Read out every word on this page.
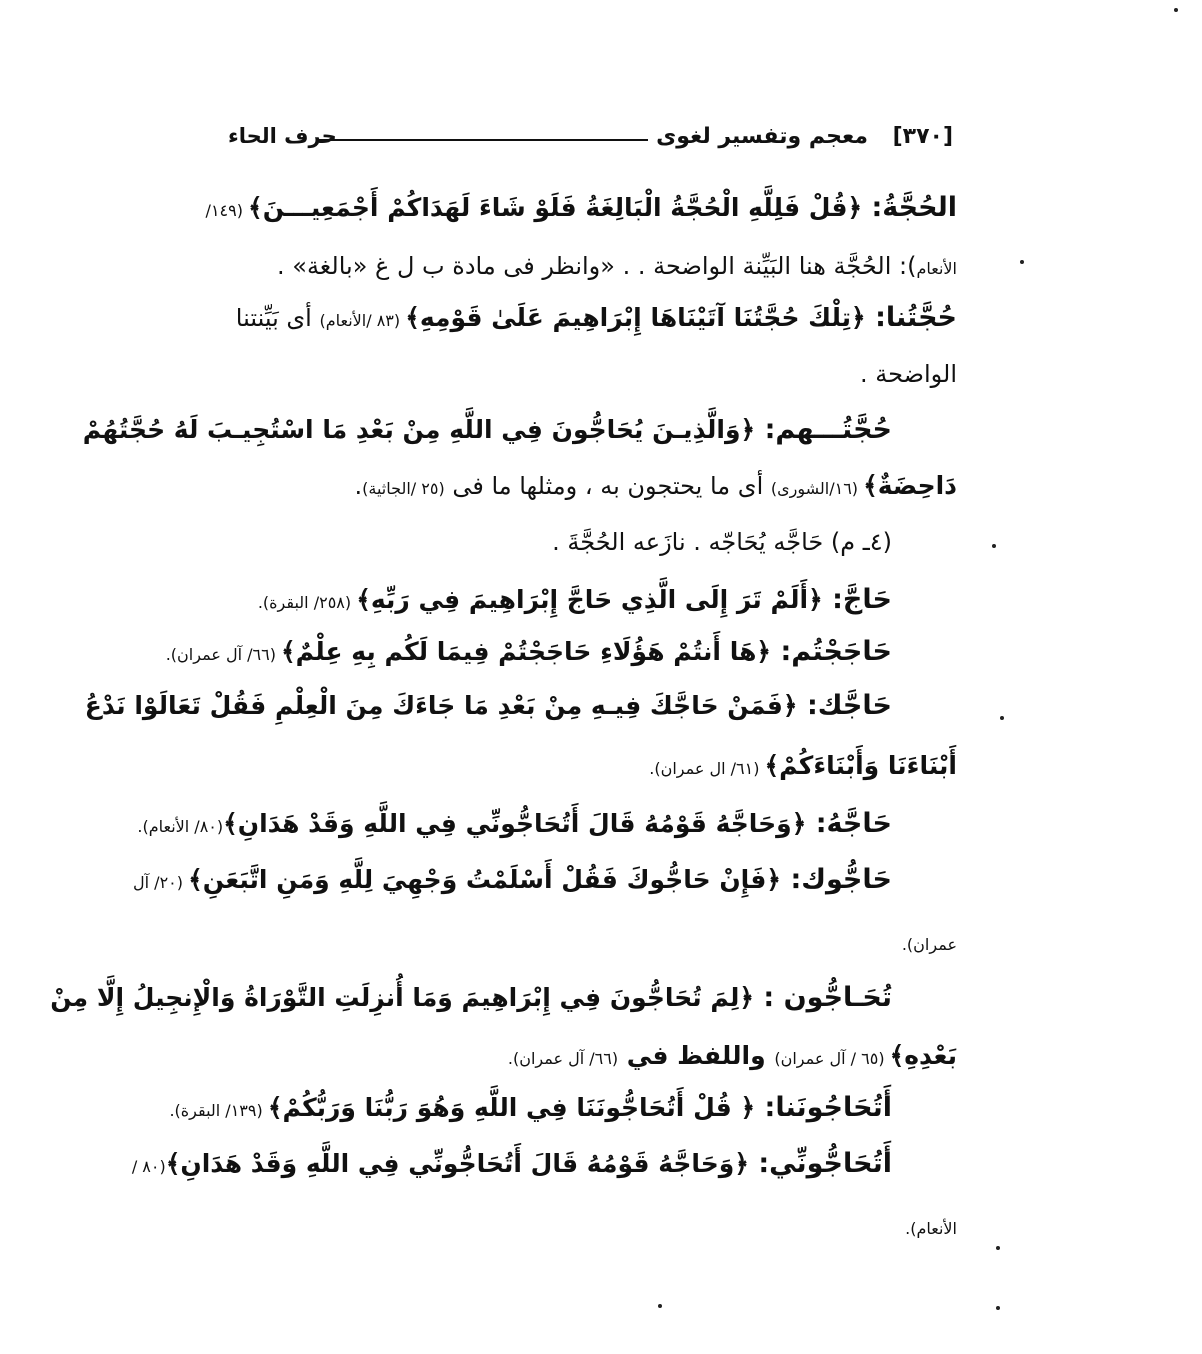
[٣٧٠]
معجم وتفسير لغوى
حرف الحاء
الحُجَّةُ: ﴿قُلْ فَلِلَّهِ الْحُجَّةُ الْبَالِغَةُ فَلَوْ شَاءَ لَهَدَاكُمْ أَجْمَعِيـــنَ﴾ (١٤٩/
الأنعام): الحُجَّة هنا البَيِّنة الواضحة . . «وانظر فى مادة ب ل غ «بالغة» .
حُجَّتُنا: ﴿تِلْكَ حُجَّتُنَا آتَيْنَاهَا إِبْرَاهِيمَ عَلَىٰ قَوْمِهِ﴾ (٨٣ /الأنعام) أى بَيِّنتنا
الواضحة .
حُجَّتُـــهم: ﴿وَالَّذِيـنَ يُحَاجُّونَ فِي اللَّهِ مِنْ بَعْدِ مَا اسْتُجِيـبَ لَهُ حُجَّتُهُمْ
دَاحِضَةٌ﴾ (١٦/الشورى) أى ما يحتجون به ، ومثلها ما فى (٢٥ /الجاثية).
(٤ـ م) حَاجَّه يُحَاجّه . نازَعه الحُجَّةَ .
حَاجَّ: ﴿أَلَمْ تَرَ إِلَى الَّذِي حَاجَّ إِبْرَاهِيمَ فِي رَبِّهِ﴾ (٢٥٨/ البقرة).
حَاجَجْتُم: ﴿هَا أَنتُمْ هَؤُلَاءِ حَاجَجْتُمْ فِيمَا لَكُم بِهِ عِلْمٌ﴾ (٦٦/ آل عمران).
حَاجَّك: ﴿فَمَنْ حَاجَّكَ فِيـهِ مِنْ بَعْدِ مَا جَاءَكَ مِنَ الْعِلْمِ فَقُلْ تَعَالَوْا نَدْعُ
أَبْنَاءَنَا وَأَبْنَاءَكُمْ﴾ (٦١/ ال عمران).
حَاجَّهُ: ﴿وَحَاجَّهُ قَوْمُهُ قَالَ أَتُحَاجُّونِّي فِي اللَّهِ وَقَدْ هَدَانِ﴾(٨٠/ الأنعام).
حَاجُّوك: ﴿فَإِنْ حَاجُّوكَ فَقُلْ أَسْلَمْتُ وَجْهِيَ لِلَّهِ وَمَنِ اتَّبَعَنِ﴾ (٢٠/ آل
عمران).
تُحَـاجُّون : ﴿لِمَ تُحَاجُّونَ فِي إِبْرَاهِيمَ وَمَا أُنزِلَتِ التَّوْرَاةُ وَالْإِنجِيلُ إِلَّا مِنْ
بَعْدِهِ﴾ (٦٥ / آل عمران) واللفظ في (٦٦/ آل عمران).
أَتُحَاجُونَنا: ﴿ قُلْ أَتُحَاجُّونَنَا فِي اللَّهِ وَهُوَ رَبُّنَا وَرَبُّكُمْ﴾ (١٣٩/ البقرة).
أَتُحَاجُّونِّي: ﴿وَحَاجَّهُ قَوْمُهُ قَالَ أَتُحَاجُّونِّي فِي اللَّهِ وَقَدْ هَدَانِ﴾(٨٠ /
الأنعام).
